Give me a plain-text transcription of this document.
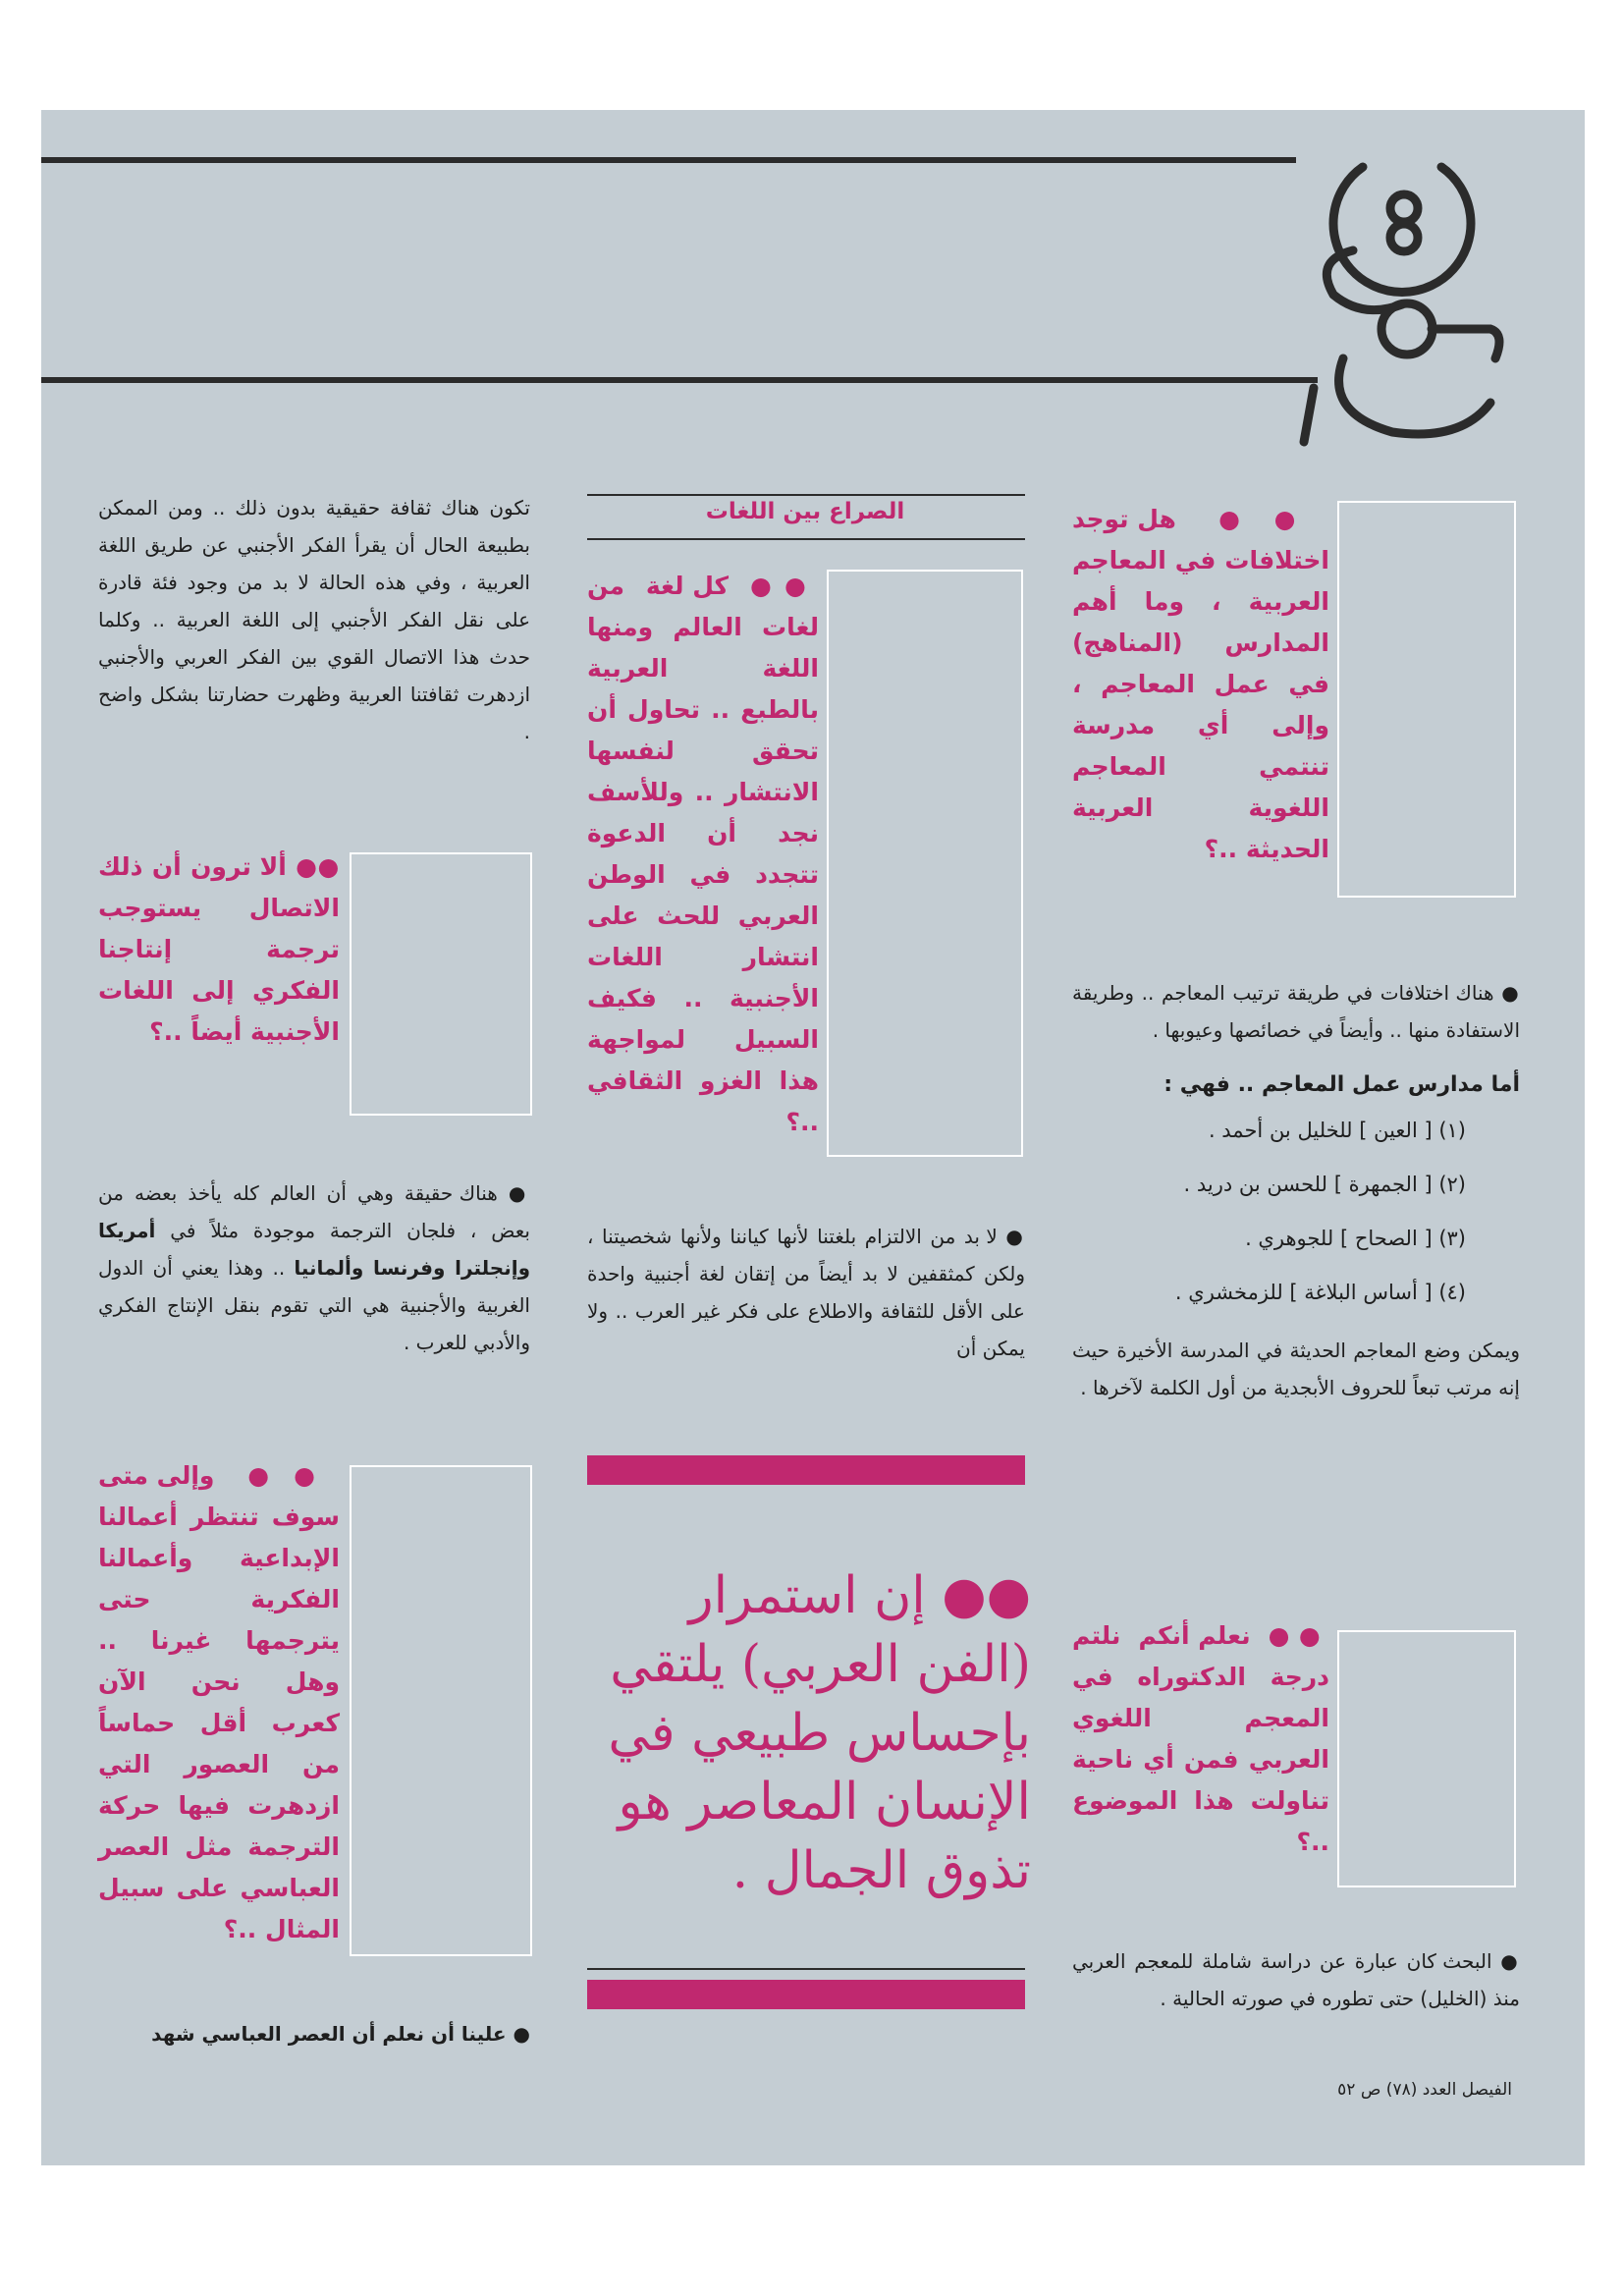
●● هل توجد اختلافات في المعاجم العربية ، وما أهم المدارس (المناهج) في عمل المعاجم ، وإلى أي مدرسة تنتمي المعاجم اللغوية العربية الحديثة ..؟

● هناك اختلافات في طريقة ترتيب المعاجم .. وطريقة الاستفادة منها .. وأيضاً في خصائصها وعيوبها .

أما مدارس عمل المعاجم .. فهي :

(١) [ العين ] للخليل بن أحمد .
(٢) [ الجمهرة ] للحسن بن دريد .
(٣) [ الصحاح ] للجوهري .
(٤) [ أساس البلاغة ] للزمخشري .

ويمكن وضع المعاجم الحديثة في المدرسة الأخيرة حيث إنه مرتب تبعاً للحروف الأبجدية من أول الكلمة لآخرها .

●● نعلم أنكم نلتم درجة الدكتوراه في المعجم اللغوي العربي فمن أي ناحية تناولت هذا الموضوع ..؟

● البحث كان عبارة عن دراسة شاملة للمعجم العربي منذ (الخليل) حتى تطوره في صورته الحالية .

الصراع بين اللغات

●● كل لغة من لغات العالم ومنها اللغة العربية بالطبع .. تحاول أن تحقق لنفسها الانتشار .. وللأسف نجد أن الدعوة تتجدد في الوطن العربي للحث على انتشار اللغات الأجنبية .. فكيف السبيل لمواجهة هذا الغزو الثقافي ..؟

● لا بد من الالتزام بلغتنا لأنها كياننا ولأنها شخصيتنا ، ولكن كمثقفين لا بد أيضاً من إتقان لغة أجنبية واحدة على الأقل للثقافة والاطلاع على فكر غير العرب .. ولا يمكن أن

●● إن استمرار (الفن العربي) يلتقي بإحساس طبيعي في الإنسان المعاصر هو تذوق الجمال .

تكون هناك ثقافة حقيقية بدون ذلك .. ومن الممكن بطبيعة الحال أن يقرأ الفكر الأجنبي عن طريق اللغة العربية ، وفي هذه الحالة لا بد من وجود فئة قادرة على نقل الفكر الأجنبي إلى اللغة العربية .. وكلما حدث هذا الاتصال القوي بين الفكر العربي والأجنبي ازدهرت ثقافتنا العربية وظهرت حضارتنا بشكل واضح .

●● ألا ترون أن ذلك الاتصال يستوجب ترجمة إنتاجنا الفكري إلى اللغات الأجنبية أيضاً ..؟

● هناك حقيقة وهي أن العالم كله يأخذ بعضه من بعض ، فلجان الترجمة موجودة مثلاً في أمريكا وإنجلترا وفرنسا وألمانيا .. وهذا يعني أن الدول الغربية والأجنبية هي التي تقوم بنقل الإنتاج الفكري والأدبي للعرب .

●● وإلى متى سوف تنتظر أعمالنا الإبداعية وأعمالنا الفكرية حتى يترجمها غيرنا .. وهل نحن الآن كعرب أقل حماساً من العصور التي ازدهرت فيها حركة الترجمة مثل العصر العباسي على سبيل المثال ..؟

● علينا أن نعلم أن العصر العباسي شهد

الفيصل العدد (٧٨) ص ٥٢
